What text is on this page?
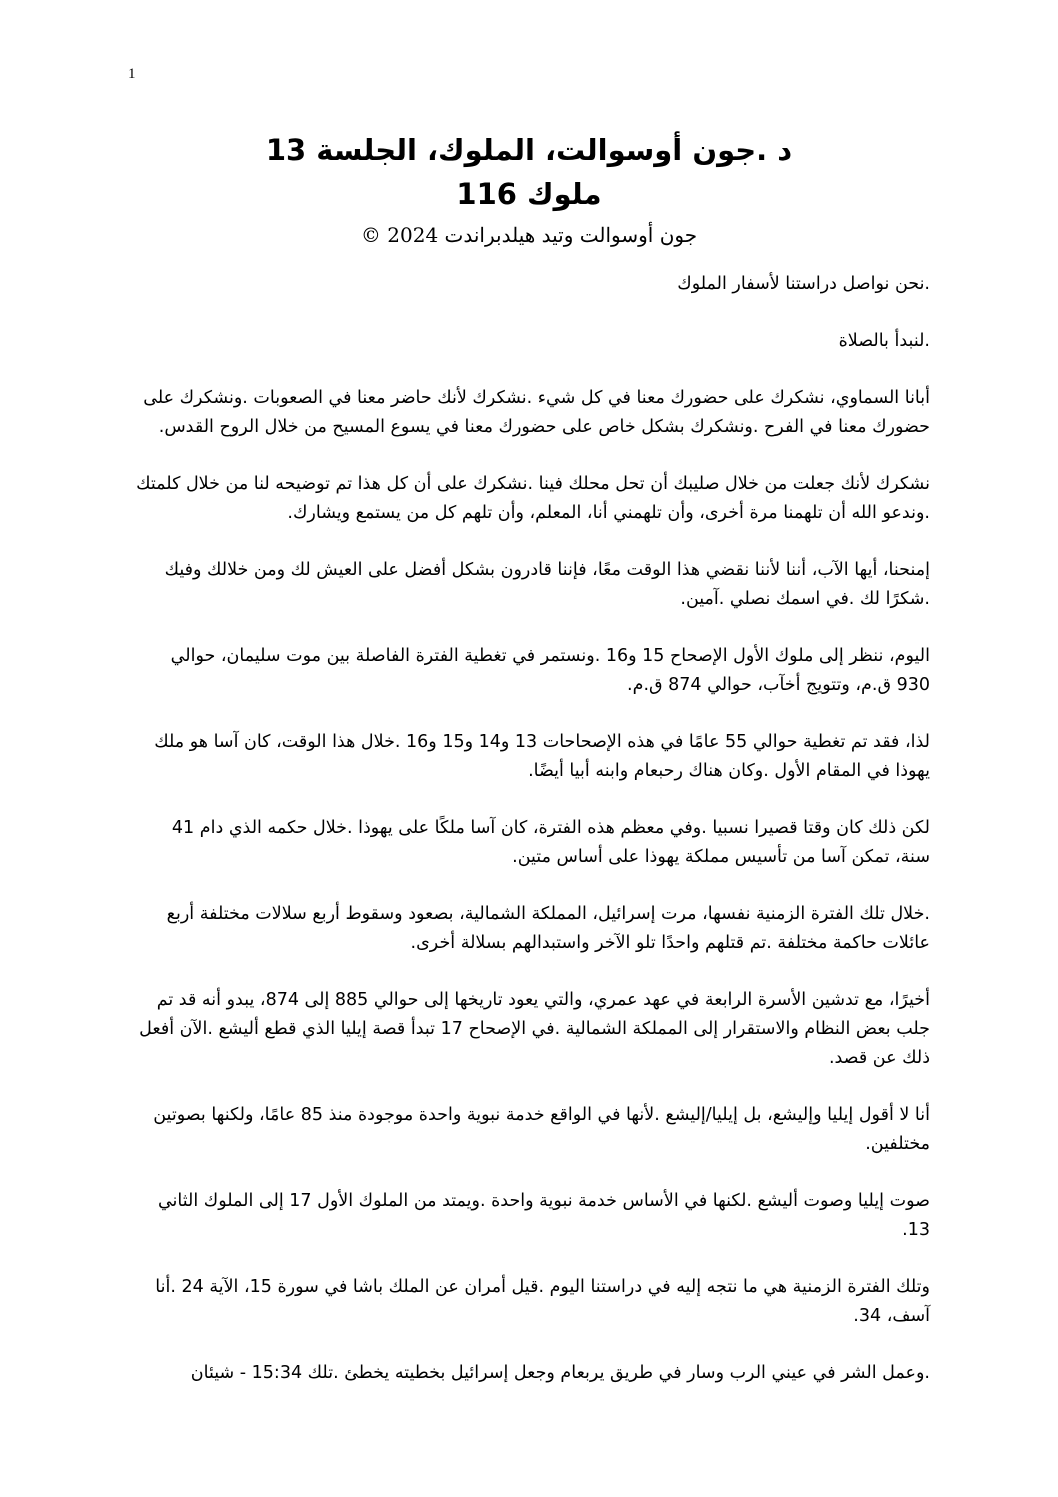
1
د .جون أوسوالت، الملوك، الجلسة 13
ملوك 116
جون أوسوالت وتيد هيلدبراندت 2024 ©

.نحن نواصل دراستنا لأسفار الملوك

.لنبدأ بالصلاة

أبانا السماوي، نشكرك على حضورك معنا في كل شيء .نشكرك لأنك حاضر معنا في الصعوبات .ونشكرك على حضورك معنا في الفرح .ونشكرك بشكل خاص على حضورك معنا في يسوع المسيح من خلال الروح القدس.

نشكرك لأنك جعلت من خلال صليبك أن تحل محلك فينا .نشكرك على أن كل هذا تم توضيحه لنا من خلال كلمتك .وندعو الله أن تلهمنا مرة أخرى، وأن تلهمني أنا، المعلم، وأن تلهم كل من يستمع ويشارك.

إمنحنا، أيها الآب، أننا لأننا نقضي هذا الوقت معًا، فإننا قادرون بشكل أفضل على العيش لك ومن خلالك وفيك .شكرًا لك .في اسمك نصلي .آمين.

اليوم، ننظر إلى ملوك الأول الإصحاح 15 و16 .ونستمر في تغطية الفترة الفاصلة بين موت سليمان، حوالي 930 ق.م، وتتويج أخآب، حوالي 874 ق.م.

لذا، فقد تم تغطية حوالي 55 عامًا في هذه الإصحاحات 13 و14 و15 و16 .خلال هذا الوقت، كان آسا هو ملك يهوذا في المقام الأول .وكان هناك رحبعام وابنه أبيا أيضًا.

لكن ذلك كان وقتا قصيرا نسبيا .وفي معظم هذه الفترة، كان آسا ملكًا على يهوذا .خلال حكمه الذي دام 41 سنة، تمكن آسا من تأسيس مملكة يهوذا على أساس متين.

.خلال تلك الفترة الزمنية نفسها، مرت إسرائيل، المملكة الشمالية، بصعود وسقوط أربع سلالات مختلفة أربع عائلات حاكمة مختلفة .تم قتلهم واحدًا تلو الآخر واستبدالهم بسلالة أخرى.

أخيرًا، مع تدشين الأسرة الرابعة في عهد عمري، والتي يعود تاريخها إلى حوالي 885 إلى 874، يبدو أنه قد تم جلب بعض النظام والاستقرار إلى المملكة الشمالية .في الإصحاح 17 تبدأ قصة إيليا الذي قطع أليشع .الآن أفعل ذلك عن قصد.

أنا لا أقول إيليا وإليشع، بل إيليا/إليشع .لأنها في الواقع خدمة نبوية واحدة موجودة منذ 85 عامًا، ولكنها بصوتين مختلفين.

صوت إيليا وصوت أليشع .لكنها في الأساس خدمة نبوية واحدة .ويمتد من الملوك الأول 17 إلى الملوك الثاني 13.

وتلك الفترة الزمنية هي ما نتجه إليه في دراستنا اليوم .قيل أمران عن الملك باشا في سورة 15، الآية 24 .أنا آسف، 34.

.وعمل الشر في عيني الرب وسار في طريق يربعام وجعل إسرائيل بخطيته يخطئ .تلك 15:34 - شيئان
